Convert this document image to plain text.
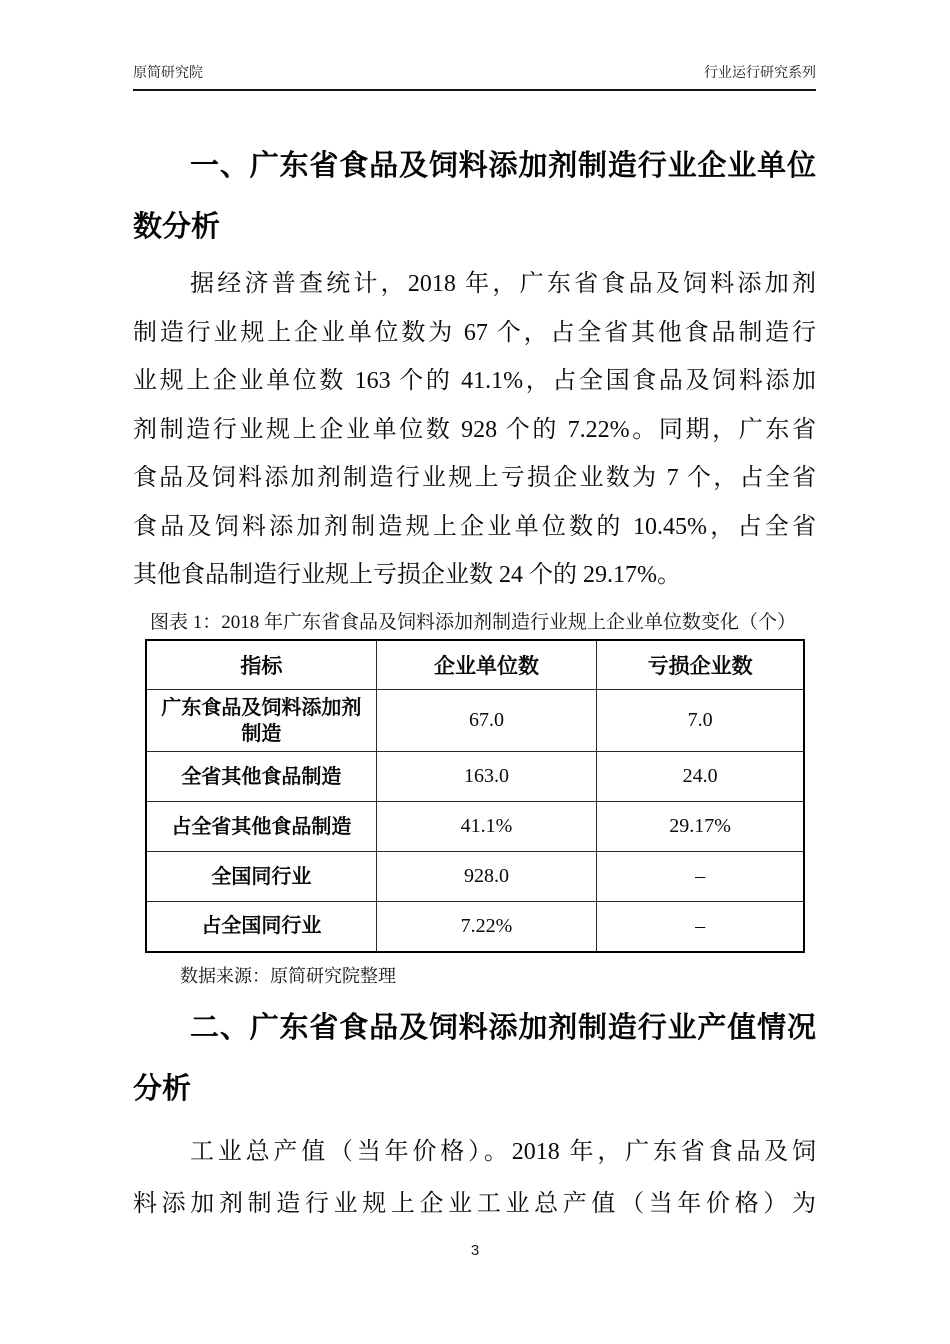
原简研究院	行业运行研究系列
一、广东省食品及饲料添加剂制造行业企业单位
数分析
据经济普查统计，2018 年，广东省食品及饲料添加剂
制造行业规上企业单位数为 67 个，占全省其他食品制造行
业规上企业单位数 163 个的 41.1%，占全国食品及饲料添加
剂制造行业规上企业单位数 928 个的 7.22%。同期，广东省
食品及饲料添加剂制造行业规上亏损企业数为 7 个，占全省
食品及饲料添加剂制造规上企业单位数的 10.45%，占全省
其他食品制造行业规上亏损企业数 24 个的 29.17%。
图表 1：2018 年广东省食品及饲料添加剂制造行业规上企业单位数变化（个）
指标	企业单位数	亏损企业数
广东食品及饲料添加剂制造	67.0	7.0
全省其他食品制造	163.0	24.0
占全省其他食品制造	41.1%	29.17%
全国同行业	928.0	–
占全国同行业	7.22%	–
数据来源：原简研究院整理
二、广东省食品及饲料添加剂制造行业产值情况
分析
工业总产值（当年价格）。2018 年，广东省食品及饲
料添加剂制造行业规上企业工业总产值（当年价格）为
3
